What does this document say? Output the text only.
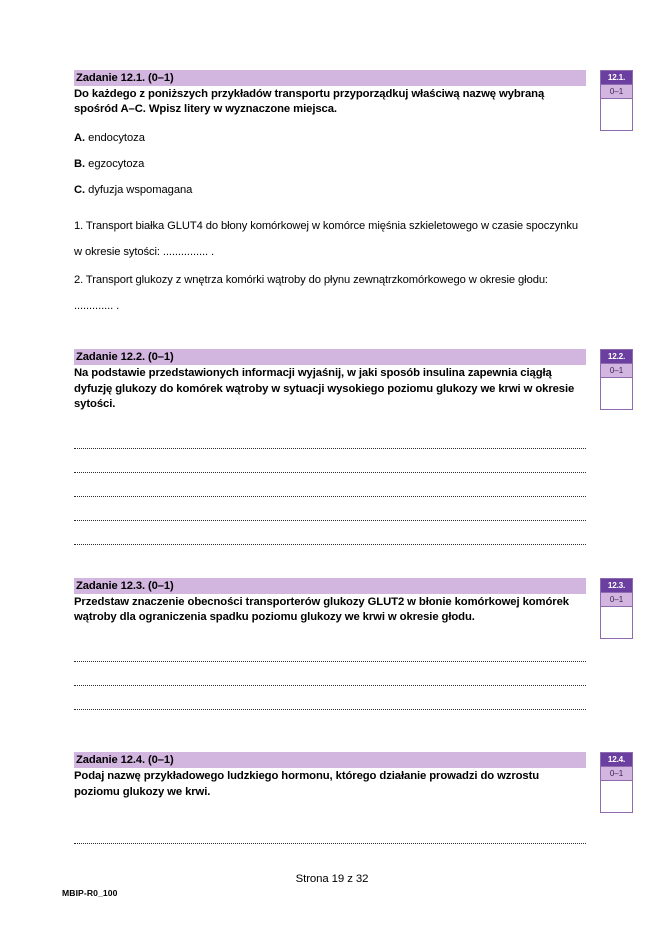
Zadanie 12.1. (0–1)
Do każdego z poniższych przykładów transportu przyporządkuj właściwą nazwę wybraną spośród A–C. Wpisz litery w wyznaczone miejsca.
A. endocytoza
B. egzocytoza
C. dyfuzja wspomagana
1. Transport białka GLUT4 do błony komórkowej w komórce mięśnia szkieletowego w czasie spoczynku w okresie sytości: ............... .
2. Transport glukozy z wnętrza komórki wątroby do płynu zewnątrzkomórkowego w okresie głodu: ............. .
12.1.
0–1
Zadanie 12.2. (0–1)
Na podstawie przedstawionych informacji wyjaśnij, w jaki sposób insulina zapewnia ciągłą dyfuzję glukozy do komórek wątroby w sytuacji wysokiego poziomu glukozy we krwi w okresie sytości.
12.2.
0–1
Zadanie 12.3. (0–1)
Przedstaw znaczenie obecności transporterów glukozy GLUT2 w błonie komórkowej komórek wątroby dla ograniczenia spadku poziomu glukozy we krwi w okresie głodu.
12.3.
0–1
Zadanie 12.4. (0–1)
Podaj nazwę przykładowego ludzkiego hormonu, którego działanie prowadzi do wzrostu poziomu glukozy we krwi.
12.4.
0–1
Strona 19 z 32
MBIP-R0_100
